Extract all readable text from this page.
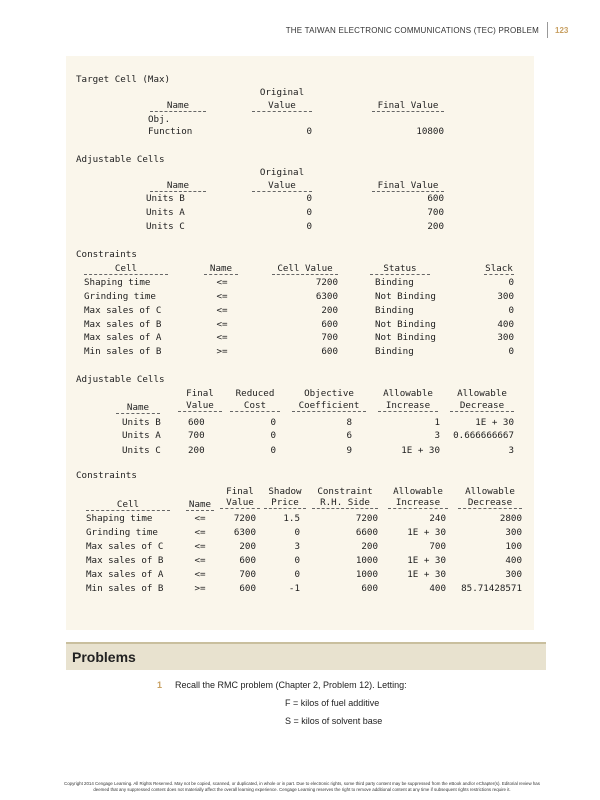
THE TAIWAN ELECTRONIC COMMUNICATIONS (TEC) PROBLEM 123
Target Cell (Max)
Original
Name	Value	Final Value
Obj.
Function	0	10800
Adjustable Cells
Original
Name	Value	Final Value
Units B	0	600
Units A	0	700
Units C	0	200
Constraints
Cell	Name	Cell Value	Status	Slack
Shaping time	<=	7200	Binding	0
Grinding time	<=	6300	Not Binding	300
Max sales of C	<=	200	Binding	0
Max sales of B	<=	600	Not Binding	400
Max sales of A	<=	700	Not Binding	300
Min sales of B	>=	600	Binding	0
Adjustable Cells
Final	Reduced	Objective	Allowable	Allowable
Name	Value	Cost	Coefficient	Increase	Decrease
Units B	600	0	8	1	1E + 30
Units A	700	0	6	3	0.666666667
Units C	200	0	9	1E + 30	3
Constraints
Final	Shadow	Constraint	Allowable	Allowable
Cell	Name	Value	Price	R.H. Side	Increase	Decrease
Shaping time	<=	7200	1.5	7200	240	2800
Grinding time	<=	6300	0	6600	1E + 30	300
Max sales of C	<=	200	3	200	700	100
Max sales of B	<=	600	0	1000	1E + 30	400
Max sales of A	<=	700	0	1000	1E + 30	300
Min sales of B	>=	600	-1	600	400	85.71428571
Problems
1 Recall the RMC problem (Chapter 2, Problem 12). Letting:
F = kilos of fuel additive
S = kilos of solvent base
Copyright 2014 Cengage Learning. All Rights Reserved. May not be copied, scanned, or duplicated, in whole or in part. Due to electronic rights, some third party content may be suppressed from the eBook and/or eChapter(s). Editorial review has
deemed that any suppressed content does not materially affect the overall learning experience. Cengage Learning reserves the right to remove additional content at any time if subsequent rights restrictions require it.
